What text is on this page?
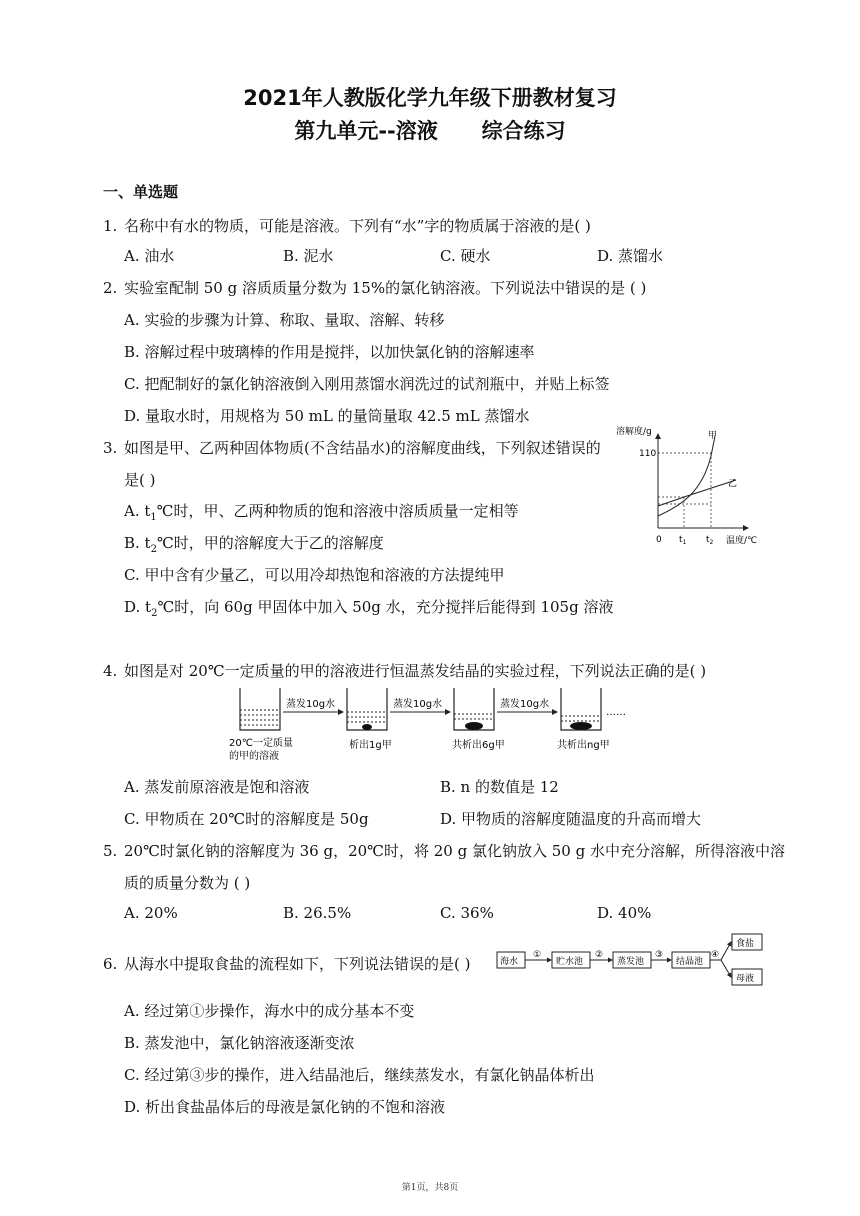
2021年人教版化学九年级下册教材复习
第九单元--溶液      综合练习
一、单选题
1. 名称中有水的物质，可能是溶液。下列有“水”字的物质属于溶液的是( )
A. 油水	B. 泥水	C. 硬水	D. 蒸馏水
2. 实验室配制 50 g 溶质质量分数为 15%的氯化钠溶液。下列说法中错误的是 ( )
A. 实验的步骤为计算、称取、量取、溶解、转移
B. 溶解过程中玻璃棒的作用是搅拌，以加快氯化钠的溶解速率
C. 把配制好的氯化钠溶液倒入刚用蒸馏水润洗过的试剂瓶中，并贴上标签
D. 量取水时，用规格为 50 mL 的量筒量取 42.5 mL 蒸馏水
3. 如图是甲、乙两种固体物质(不含结晶水)的溶解度曲线，下列叙述错误的
是( )
A. $t_1℃$时，甲、乙两种物质的饱和溶液中溶质质量一定相等
B. $t_2℃$时，甲的溶解度大于乙的溶解度
C. 甲中含有少量乙，可以用冷却热饱和溶液的方法提纯甲
D. $t_2℃$时，向 60g 甲固体中加入 50g 水，充分搅拌后能得到 105g 溶液
溶解度/g
温度/℃
110
0 $t_1$ $t_2$
甲
乙
4. 如图是对 20℃一定质量的甲的溶液进行恒温蒸发结晶的实验过程，下列说法正确的是( )
蒸发10g水	蒸发10g水	蒸发10g水
……
20℃一定质量
的甲的溶液
析出1g甲	共析出6g甲	共析出ng甲
A. 蒸发前原溶液是饱和溶液	B. n 的数值是 12
C. 甲物质在 20℃时的溶解度是 50g	D. 甲物质的溶解度随温度的升高而增大
5. 20℃时氯化钠的溶解度为 36 g，20℃时，将 20 g 氯化钠放入 50 g 水中充分溶解，所得溶液中溶
质的质量分数为 ( )
A. 20%	B. 26.5%	C. 36%	D. 40%
6. 从海水中提取食盐的流程如下，下列说法错误的是( )	海水
①
贮水池
②
蒸发池
③
结晶池
④
食盐
母液
A. 经过第①步操作，海水中的成分基本不变
B. 蒸发池中，氯化钠溶液逐渐变浓
C. 经过第③步的操作，进入结晶池后，继续蒸发水，有氯化钠晶体析出
D. 析出食盐晶体后的母液是氯化钠的不饱和溶液
第1页，共8页
